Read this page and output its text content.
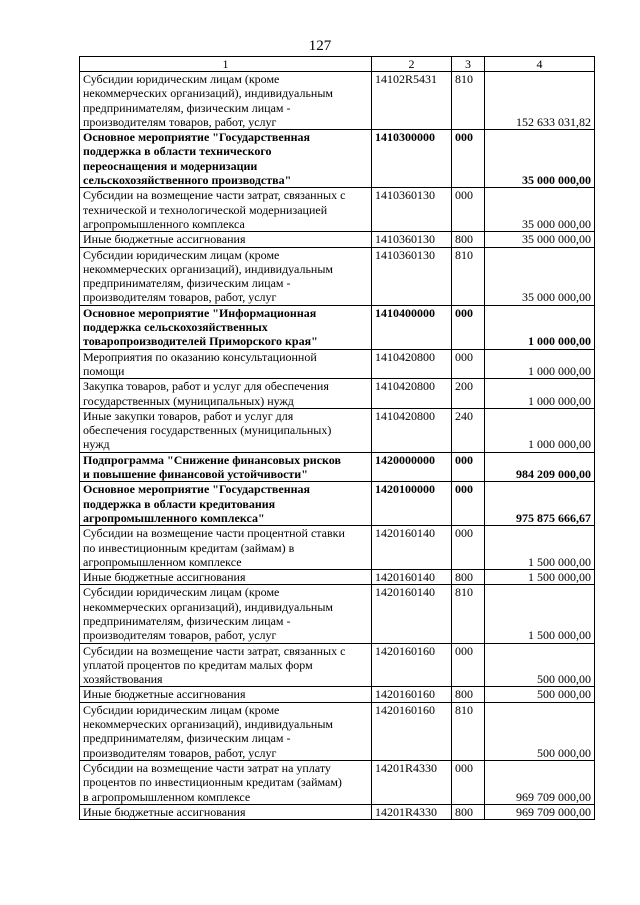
127
1	2	3	4

Субсидии юридическим лицам (кроме
некоммерческих организаций), индивидуальным
предпринимателям, физическим лицам -
производителям товаров, работ, услуг	14102R5431	810	152 633 031,82

Основное мероприятие "Государственная
поддержка в области технического
переоснащения и модернизации
сельскохозяйственного производства"	1410300000	000	35 000 000,00

Субсидии на возмещение части затрат, связанных с
технической и технологической модернизацией
агропромышленного комплекса	1410360130	000	35 000 000,00

Иные бюджетные ассигнования	1410360130	800	35 000 000,00

Субсидии юридическим лицам (кроме
некоммерческих организаций), индивидуальным
предпринимателям, физическим лицам -
производителям товаров, работ, услуг	1410360130	810	35 000 000,00

Основное мероприятие "Информационная
поддержка сельскохозяйственных
товаропроизводителей Приморского края"	1410400000	000	1 000 000,00

Мероприятия по оказанию консультационной
помощи	1410420800	000	1 000 000,00

Закупка товаров, работ и услуг для обеспечения
государственных (муниципальных) нужд	1410420800	200	1 000 000,00

Иные закупки товаров, работ и услуг для
обеспечения государственных (муниципальных)
нужд	1410420800	240	1 000 000,00

Подпрограмма "Снижение финансовых рисков
и повышение финансовой устойчивости"	1420000000	000	984 209 000,00

Основное мероприятие "Государственная
поддержка в области кредитования
агропромышленного комплекса"	1420100000	000	975 875 666,67

Субсидии на возмещение части процентной ставки
по инвестиционным кредитам (займам) в
агропромышленном комплексе	1420160140	000	1 500 000,00

Иные бюджетные ассигнования	1420160140	800	1 500 000,00

Субсидии юридическим лицам (кроме
некоммерческих организаций), индивидуальным
предпринимателям, физическим лицам -
производителям товаров, работ, услуг	1420160140	810	1 500 000,00

Субсидии на возмещение части затрат, связанных с
уплатой процентов по кредитам малых форм
хозяйствования	1420160160	000	500 000,00

Иные бюджетные ассигнования	1420160160	800	500 000,00

Субсидии юридическим лицам (кроме
некоммерческих организаций), индивидуальным
предпринимателям, физическим лицам -
производителям товаров, работ, услуг	1420160160	810	500 000,00

Субсидии на возмещение части затрат на уплату
процентов по инвестиционным кредитам (займам)
в агропромышленном комплексе	14201R4330	000	969 709 000,00

Иные бюджетные ассигнования	14201R4330	800	969 709 000,00
